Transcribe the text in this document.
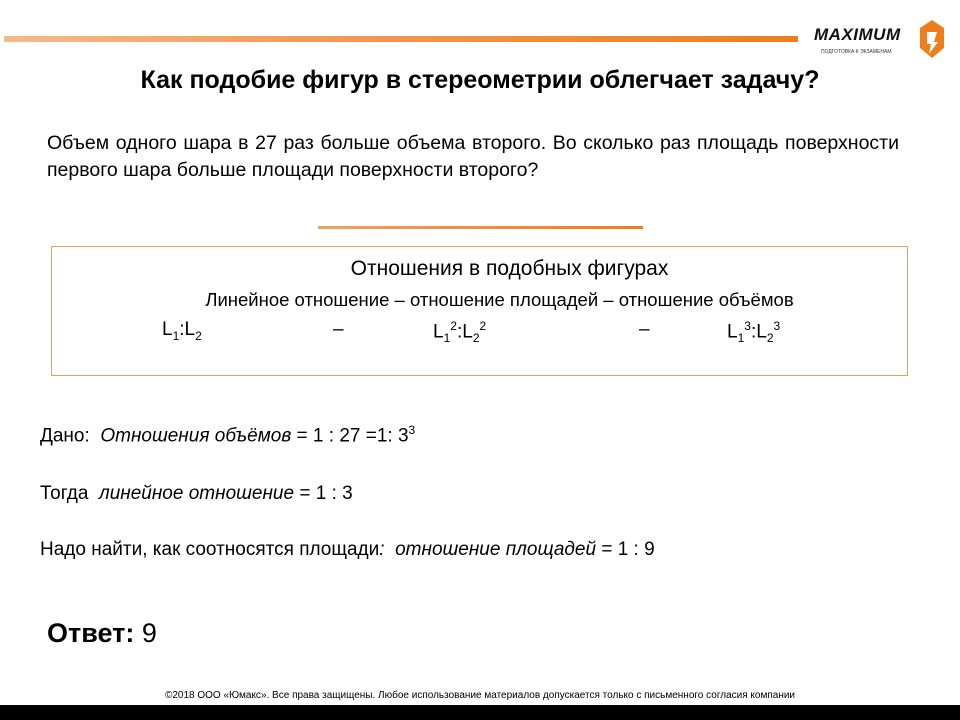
MAXIMUM
ПОДГОТОВКА К ЭКЗАМЕНАМ
Как подобие фигур в стереометрии облегчает задачу?
Объем одного шара в 27 раз больше объема второго. Во сколько раз площадь поверхности первого шара больше площади поверхности второго?
Отношения в подобных фигурах
Линейное отношение – отношение площадей – отношение объёмов
$L_1:L_2$	–	$L_1^2:L_2^2$	–	$L_1^3:L_2^3$
Дано: Отношения объёмов = 1 : 27 =1: $3^3$
Тогда линейное отношение = 1 : 3
Надо найти, как соотносятся площади: отношение площадей = 1 : 9
Ответ: 9
©2018 ООО «Юмакс». Все права защищены. Любое использование материалов допускается только с письменного согласия компании
